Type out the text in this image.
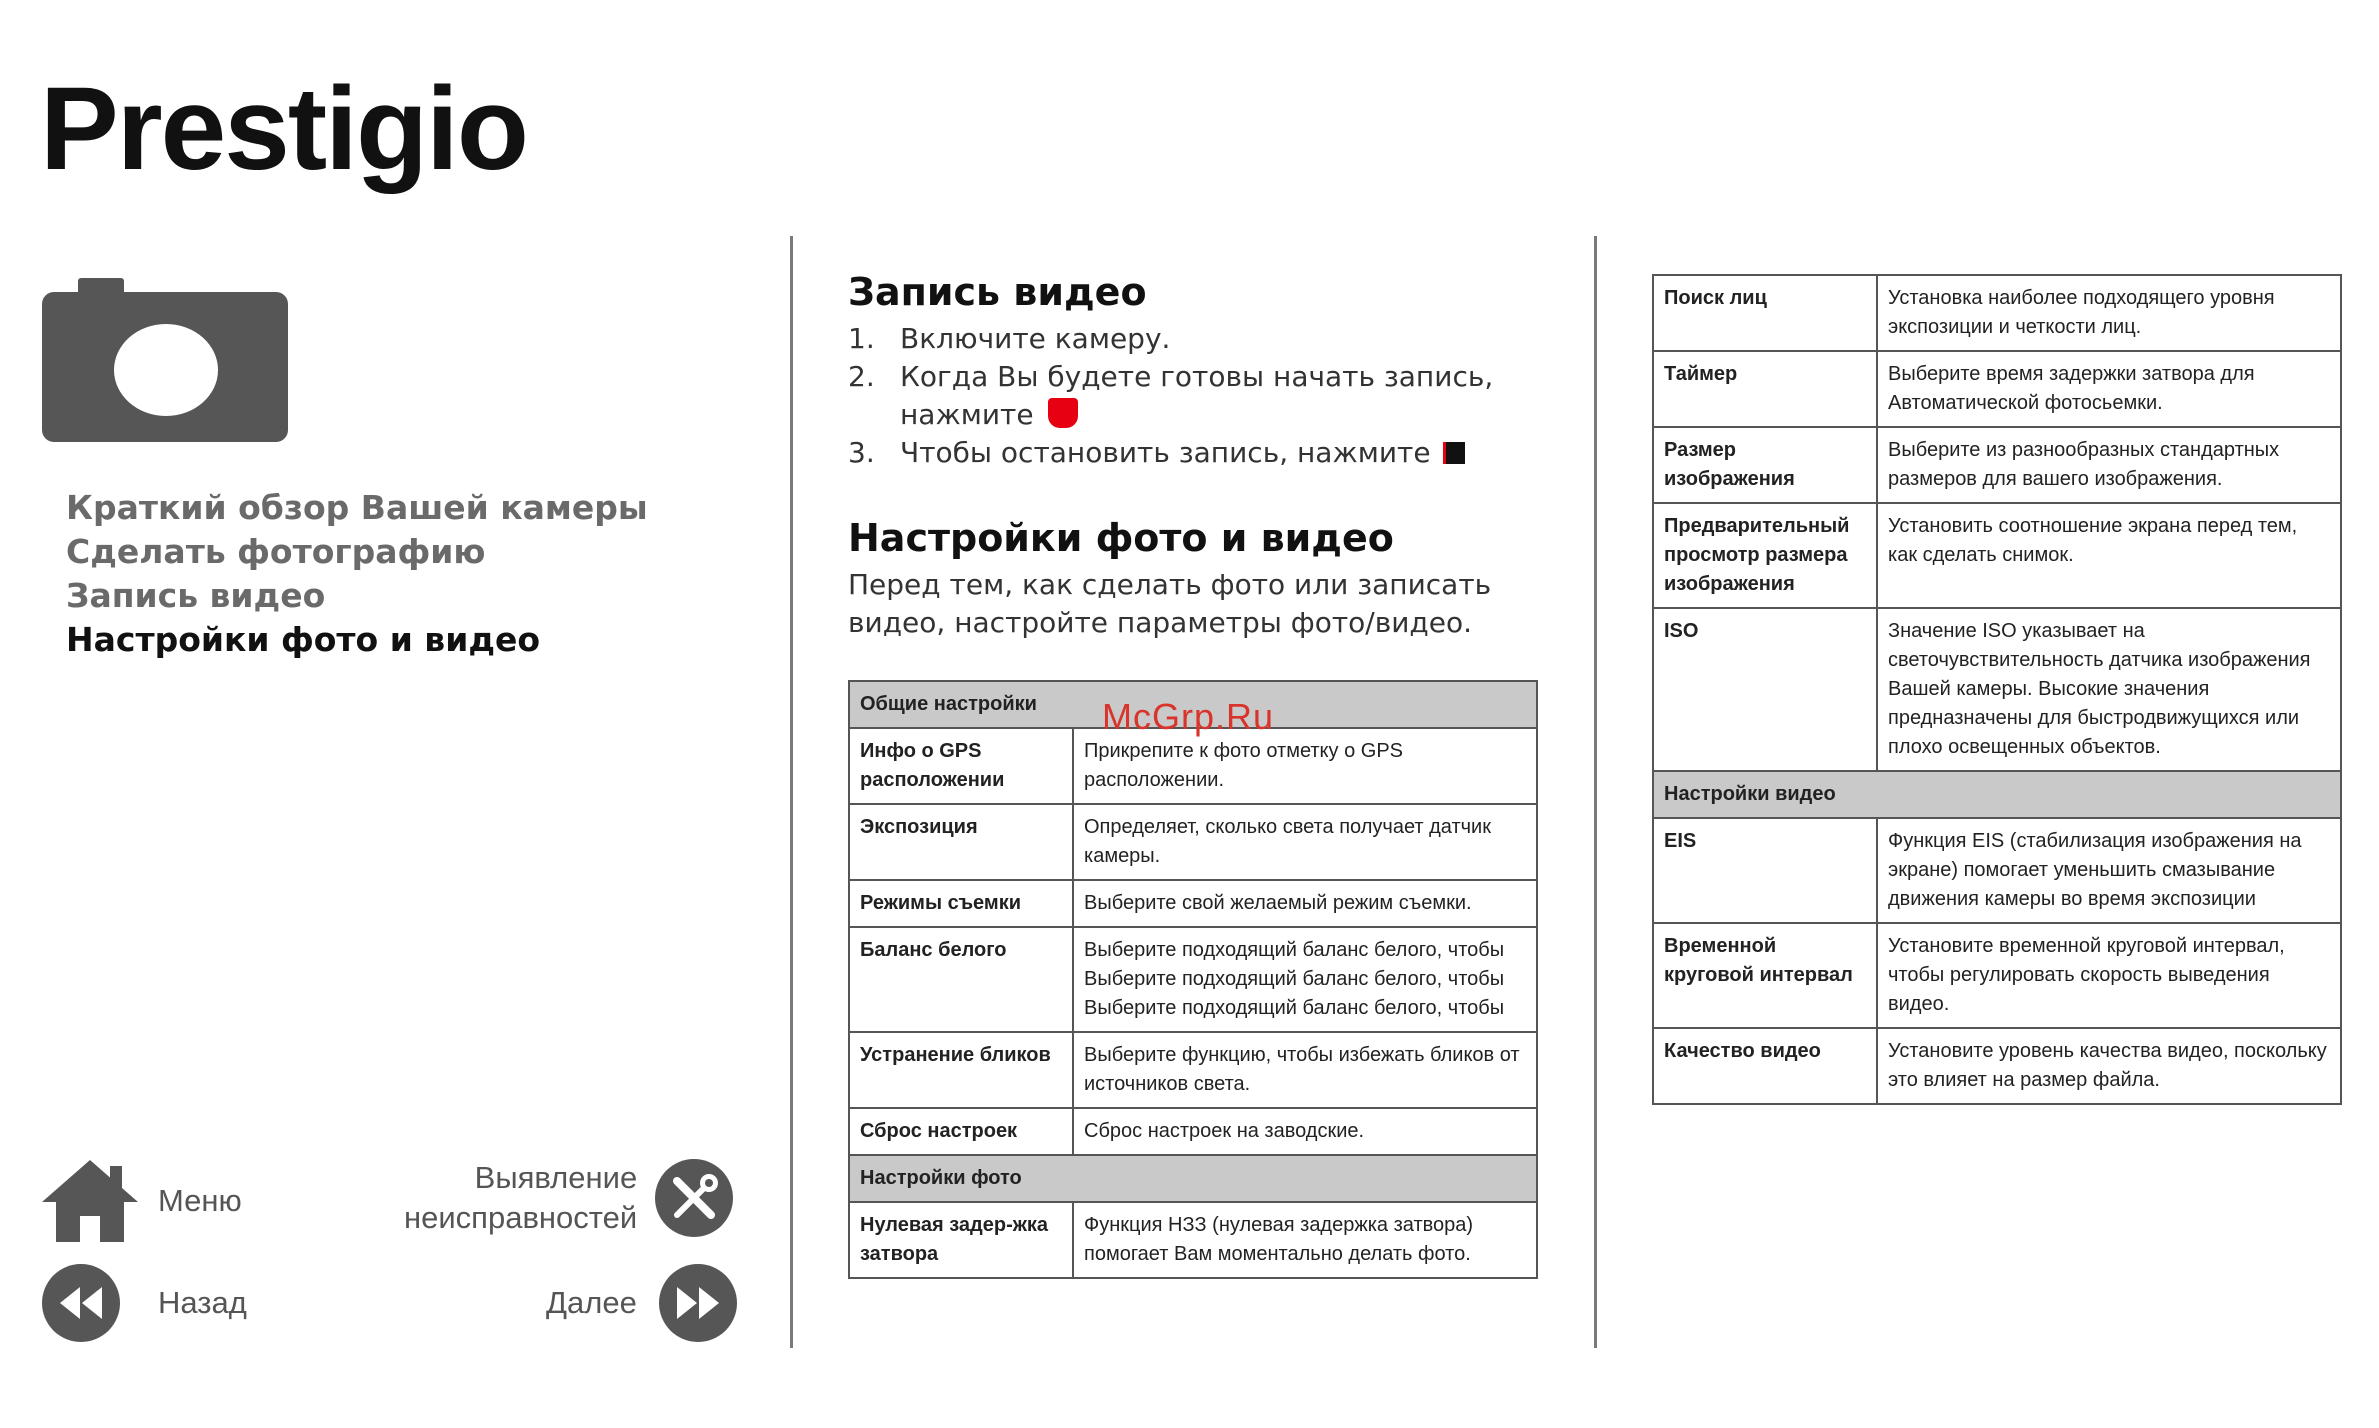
Prestigio
Краткий обзор Вашей камеры
Сделать фотографию
Запись видео
Настройки фото и видео
Меню
Выявление
неисправностей
Назад	Далее
Запись видео
1. Включите камеру.
2. Когда Вы будете готовы начать запись,
нажмите
3. Чтобы остановить запись, нажмите
Настройки фото и видео
Перед тем, как сделать фото или записать видео, настройте параметры фото/видео.
Общие настройки	
Инфо о GPS расположении	Прикрепите к фото отметку о GPS расположении.
Экспозиция	Определяет, сколько света получает датчик камеры.
Режимы съемки	Выберите свой желаемый режим съемки.
Баланс белого	Выберите подходящий баланс белого, чтобы Выберите подходящий баланс белого, чтобы Выберите подходящий баланс белого, чтобы
Устранение бликов	Выберите функцию, чтобы избежать бликов от источников света.
Сброс настроек	Сброс настроек на заводские.
Настройки фото	
Нулевая задер-жка затвора	Функция НЗЗ (нулевая задержка затвора) помогает Вам моментально делать фото.
McGrp.Ru
Поиск лиц	Установка наиболее подходящего уровня экспозиции и четкости лиц.
Таймер	Выберите время задержки затвора для Автоматической фотосьемки.
Размер изображения	Выберите из разнообразных стандартных размеров для вашего изображения.
Предварительный просмотр размера изображения	Установить соотношение экрана перед тем, как сделать снимок.
ISO	Значение ISO указывает на светочувствительность датчика изображения Вашей камеры. Высокие значения предназначены для быстродвижущихся или плохо освещенных объектов.
Настройки видео	
EIS	Функция EIS (стабилизация изображения на экране) помогает уменьшить смазывание движения камеры во время экспозиции
Временной круговой интервал	Установите временной круговой интервал, чтобы регулировать скорость выведения видео.
Качество видео	Установите уровень качества видео, поскольку это влияет на размер файла.
